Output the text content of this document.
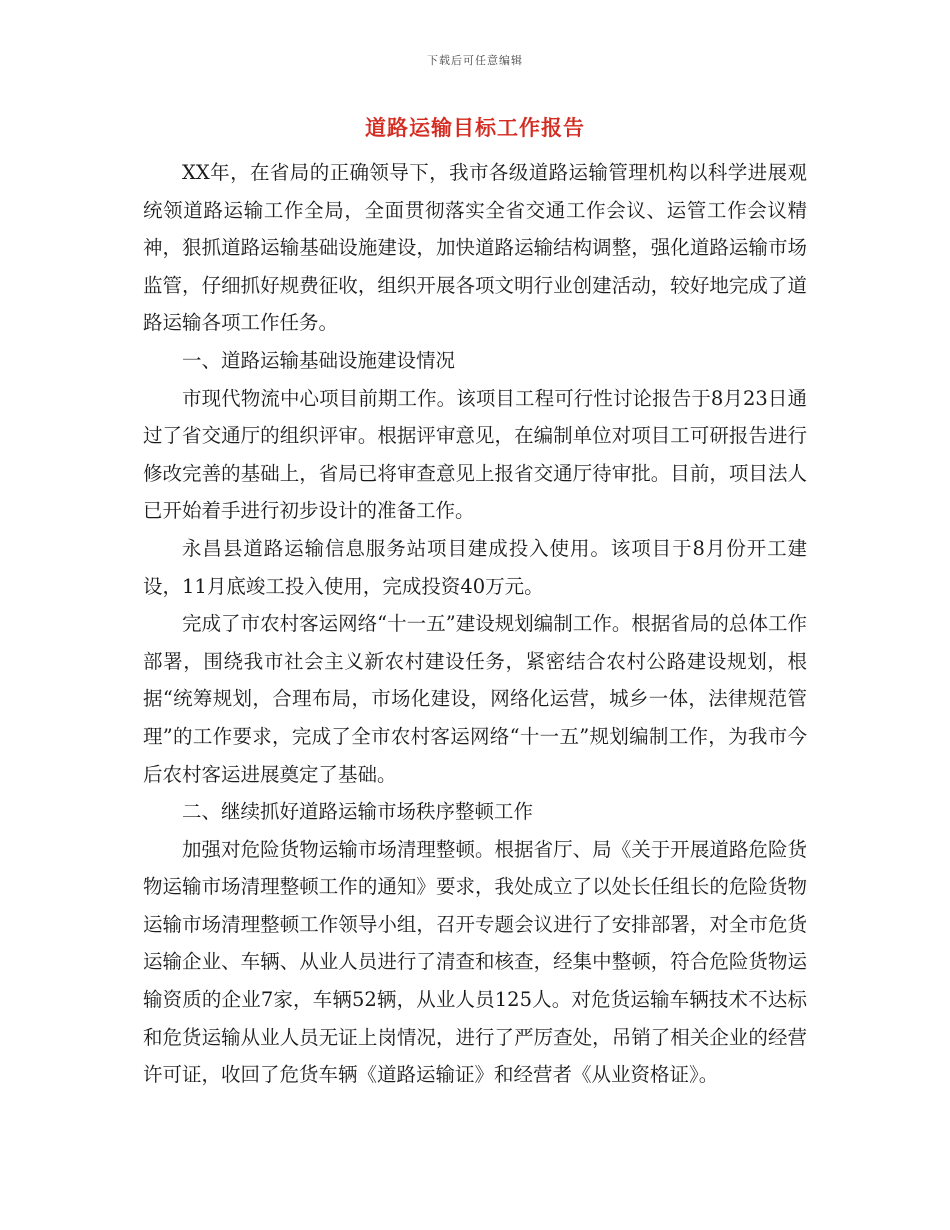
下载后可任意编辑
道路运输目标工作报告

XX年，在省局的正确领导下，我市各级道路运输管理机构以科学进展观统领道路运输工作全局，全面贯彻落实全省交通工作会议、运管工作会议精神，狠抓道路运输基础设施建设，加快道路运输结构调整，强化道路运输市场监管，仔细抓好规费征收，组织开展各项文明行业创建活动，较好地完成了道路运输各项工作任务。

一、道路运输基础设施建设情况

市现代物流中心项目前期工作。该项目工程可行性讨论报告于8月23日通过了省交通厅的组织评审。根据评审意见，在编制单位对项目工可研报告进行修改完善的基础上，省局已将审查意见上报省交通厅待审批。目前，项目法人已开始着手进行初步设计的准备工作。

永昌县道路运输信息服务站项目建成投入使用。该项目于8月份开工建设，11月底竣工投入使用，完成投资40万元。

完成了市农村客运网络“十一五”建设规划编制工作。根据省局的总体工作部署，围绕我市社会主义新农村建设任务，紧密结合农村公路建设规划，根据“统筹规划，合理布局，市场化建设，网络化运营，城乡一体，法律规范管理”的工作要求，完成了全市农村客运网络“十一五”规划编制工作，为我市今后农村客运进展奠定了基础。

二、继续抓好道路运输市场秩序整顿工作

加强对危险货物运输市场清理整顿。根据省厅、局《关于开展道路危险货物运输市场清理整顿工作的通知》要求，我处成立了以处长任组长的危险货物运输市场清理整顿工作领导小组，召开专题会议进行了安排部署，对全市危货运输企业、车辆、从业人员进行了清查和核查，经集中整顿，符合危险货物运输资质的企业7家，车辆52辆，从业人员125人。对危货运输车辆技术不达标和危货运输从业人员无证上岗情况，进行了严厉查处，吊销了相关企业的经营许可证，收回了危货车辆《道路运输证》和经营者《从业资格证》。
